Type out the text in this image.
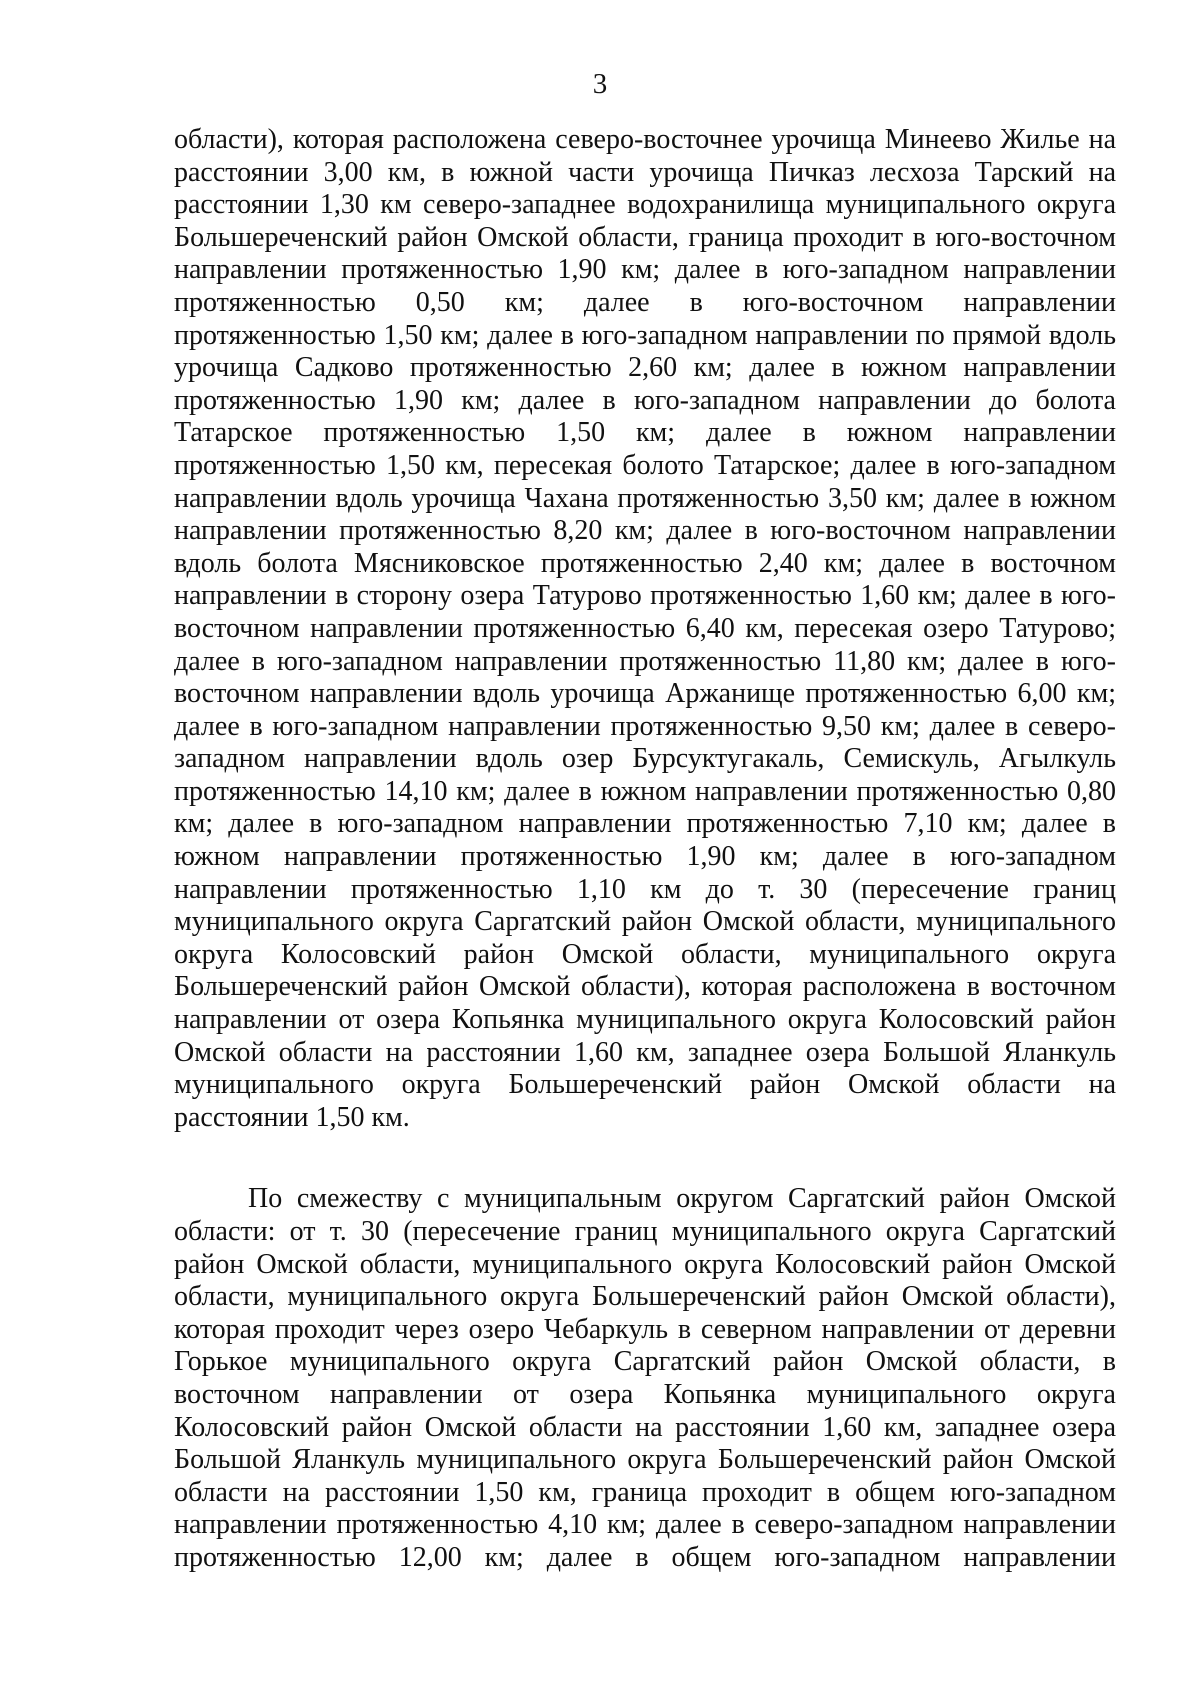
3

области), которая расположена северо-восточнее урочища Минеево Жилье на расстоянии 3,00 км, в южной части урочища Пичказ лесхоза Тарский на расстоянии 1,30 км северо-западнее водохранилища муниципального округа Большереченский район Омской области, граница проходит в юго-восточном направлении протяженностью 1,90 км; далее в юго-западном направлении протяженностью 0,50 км; далее в юго-восточном направлении протяженностью 1,50 км; далее в юго-западном направлении по прямой вдоль урочища Садково протяженностью 2,60 км; далее в южном направлении протяженностью 1,90 км; далее в юго-западном направлении до болота Татарское протяженностью 1,50 км; далее в южном направлении протяженностью 1,50 км, пересекая болото Татарское; далее в юго-западном направлении вдоль урочища Чахана протяженностью 3,50 км; далее в южном направлении протяженностью 8,20 км; далее в юго-восточном направлении вдоль болота Мясниковское протяженностью 2,40 км; далее в восточном направлении в сторону озера Татурово протяженностью 1,60 км; далее в юго-восточном направлении протяженностью 6,40 км, пересекая озеро Татурово; далее в юго-западном направлении протяженностью 11,80 км; далее в юго-восточном направлении вдоль урочища Аржанище протяженностью 6,00 км; далее в юго-западном направлении протяженностью 9,50 км; далее в северо-западном направлении вдоль озер Бурсуктугакаль, Семискуль, Агылкуль протяженностью 14,10 км; далее в южном направлении протяженностью 0,80 км; далее в юго-западном направлении протяженностью 7,10 км; далее в южном направлении протяженностью 1,90 км; далее в юго-западном направлении протяженностью 1,10 км до т. 30 (пересечение границ муниципального округа Саргатский район Омской области, муниципального округа Колосовский район Омской области, муниципального округа Большереченский район Омской области), которая расположена в восточном направлении от озера Копьянка муниципального округа Колосовский район Омской области на расстоянии 1,60 км, западнее озера Большой Яланкуль муниципального округа Большереченский район Омской области на расстоянии 1,50 км.

По смежеству с муниципальным округом Саргатский район Омской области: от т. 30 (пересечение границ муниципального округа Саргатский район Омской области, муниципального округа Колосовский район Омской области, муниципального округа Большереченский район Омской области), которая проходит через озеро Чебаркуль в северном направлении от деревни Горькое муниципального округа Саргатский район Омской области, в восточном направлении от озера Копьянка муниципального округа Колосовский район Омской области на расстоянии 1,60 км, западнее озера Большой Яланкуль муниципального округа Большереченский район Омской области на расстоянии 1,50 км, граница проходит в общем юго-западном направлении протяженностью 4,10 км; далее в северо-западном направлении протяженностью 12,00 км; далее в общем юго-западном направлении
